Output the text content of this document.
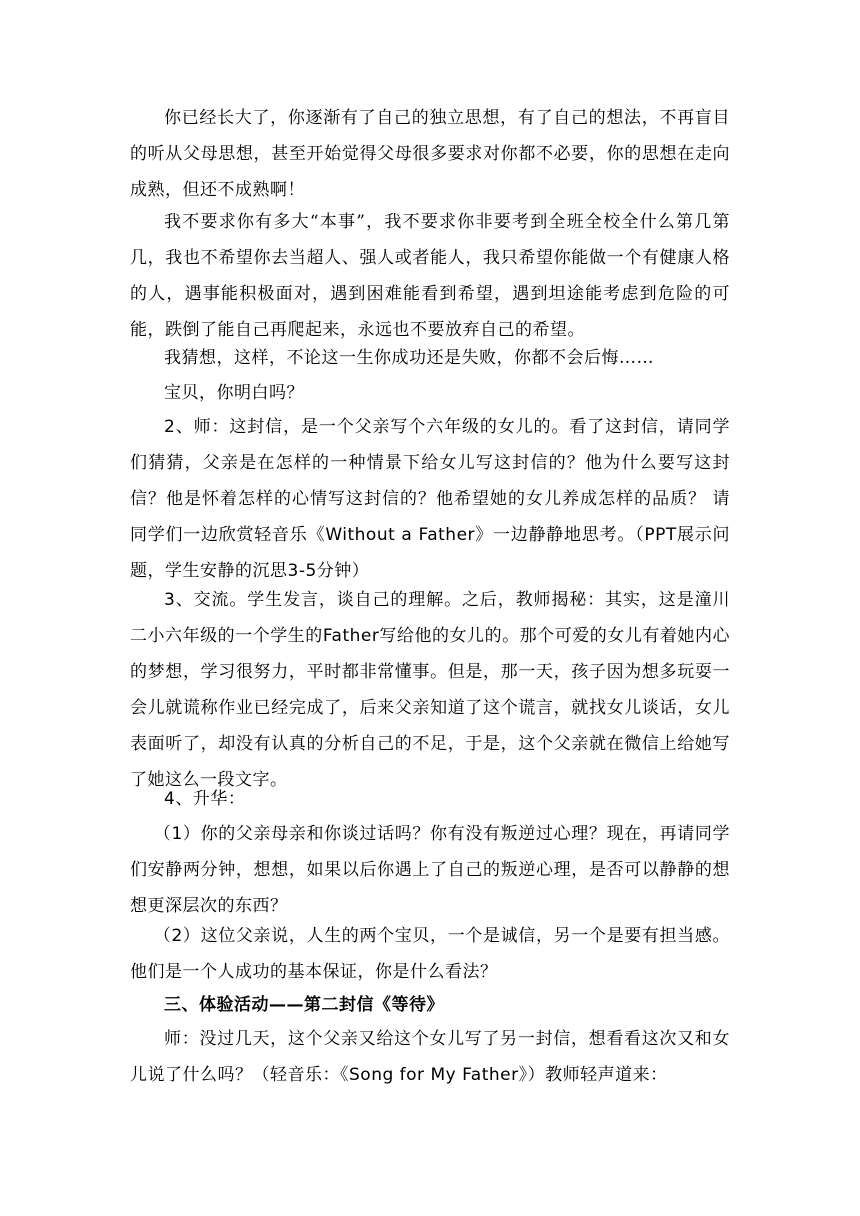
你已经长大了，你逐渐有了自己的独立思想，有了自己的想法，不再盲目的听从父母思想，甚至开始觉得父母很多要求对你都不必要，你的思想在走向成熟，但还不成熟啊！

我不要求你有多大“本事”，我不要求你非要考到全班全校全什么第几第几，我也不希望你去当超人、强人或者能人，我只希望你能做一个有健康人格的人，遇事能积极面对，遇到困难能看到希望，遇到坦途能考虑到危险的可能，跌倒了能自己再爬起来，永远也不要放弃自己的希望。

我猜想，这样，不论这一生你成功还是失败，你都不会后悔……

宝贝，你明白吗？

2、师：这封信，是一个父亲写个六年级的女儿的。看了这封信，请同学们猜猜，父亲是在怎样的一种情景下给女儿写这封信的？他为什么要写这封信？他是怀着怎样的心情写这封信的？他希望她的女儿养成怎样的品质？ 请同学们一边欣赏轻音乐《Without a Father》一边静静地思考。（PPT展示问题，学生安静的沉思3-5分钟）

3、交流。学生发言，谈自己的理解。之后，教师揭秘：其实，这是潼川二小六年级的一个学生的Father写给他的女儿的。那个可爱的女儿有着她内心的梦想，学习很努力，平时都非常懂事。但是，那一天，孩子因为想多玩耍一会儿就谎称作业已经完成了，后来父亲知道了这个谎言，就找女儿谈话，女儿表面听了，却没有认真的分析自己的不足，于是，这个父亲就在微信上给她写了她这么一段文字。

4、升华：

（1）你的父亲母亲和你谈过话吗？你有没有叛逆过心理？现在，再请同学们安静两分钟，想想，如果以后你遇上了自己的叛逆心理，是否可以静静的想想更深层次的东西？

（2）这位父亲说，人生的两个宝贝，一个是诚信，另一个是要有担当感。他们是一个人成功的基本保证，你是什么看法？

三、体验活动——第二封信《等待》

师：没过几天，这个父亲又给这个女儿写了另一封信，想看看这次又和女儿说了什么吗？（轻音乐：《Song for My Father》）教师轻声道来：
